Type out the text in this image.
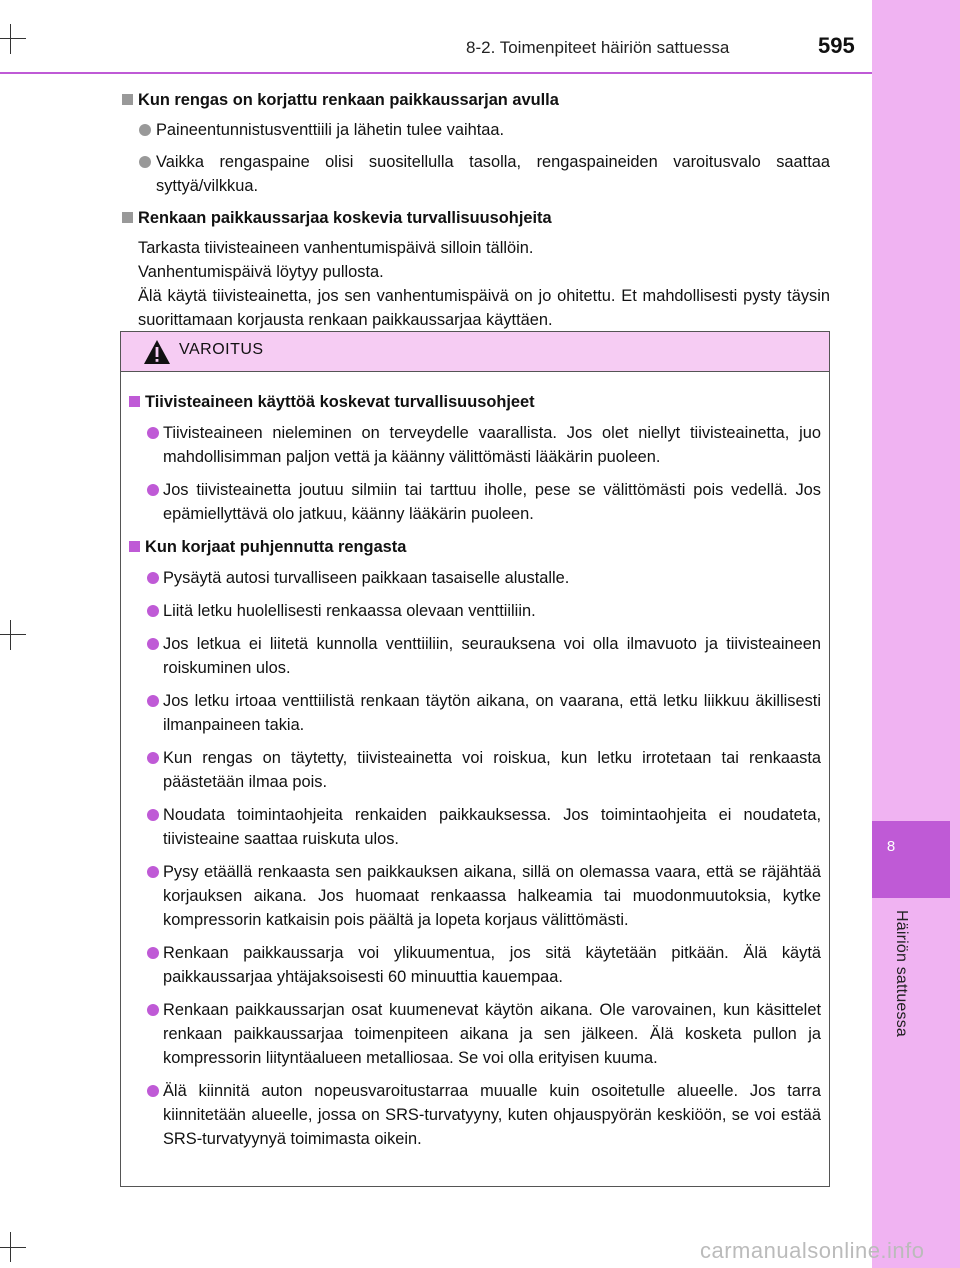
8
Häiriön sattuessa
8-2. Toimenpiteet häiriön sattuessa	595
Kun rengas on korjattu renkaan paikkaussarjan avulla
Paineentunnistusventtiili ja lähetin tulee vaihtaa.
Vaikka rengaspaine olisi suositellulla tasolla, rengaspaineiden varoitusvalo saattaa syttyä/vilkkua.
Renkaan paikkaussarjaa koskevia turvallisuusohjeita
Tarkasta tiivisteaineen vanhentumispäivä silloin tällöin.
Vanhentumispäivä löytyy pullosta.
Älä käytä tiivisteainetta, jos sen vanhentumispäivä on jo ohitettu. Et mahdollisesti pysty täysin suorittamaan korjausta renkaan paikkaussarjaa käyttäen.
VAROITUS
Tiivisteaineen käyttöä koskevat turvallisuusohjeet
Tiivisteaineen nieleminen on terveydelle vaarallista. Jos olet niellyt tiivisteainetta, juo mahdollisimman paljon vettä ja käänny välittömästi lääkärin puoleen.
Jos tiivisteainetta joutuu silmiin tai tarttuu iholle, pese se välittömästi pois vedellä. Jos epämiellyttävä olo jatkuu, käänny lääkärin puoleen.
Kun korjaat puhjennutta rengasta
Pysäytä autosi turvalliseen paikkaan tasaiselle alustalle.
Liitä letku huolellisesti renkaassa olevaan venttiiliin.
Jos letkua ei liitetä kunnolla venttiiliin, seurauksena voi olla ilmavuoto ja tiivisteaineen roiskuminen ulos.
Jos letku irtoaa venttiilistä renkaan täytön aikana, on vaarana, että letku liikkuu äkillisesti ilmanpaineen takia.
Kun rengas on täytetty, tiivisteainetta voi roiskua, kun letku irrotetaan tai renkaasta päästetään ilmaa pois.
Noudata toimintaohjeita renkaiden paikkauksessa. Jos toimintaohjeita ei noudateta, tiivisteaine saattaa ruiskuta ulos.
Pysy etäällä renkaasta sen paikkauksen aikana, sillä on olemassa vaara, että se räjähtää korjauksen aikana. Jos huomaat renkaassa halkeamia tai muodonmuutoksia, kytke kompressorin katkaisin pois päältä ja lopeta korjaus välittömästi.
Renkaan paikkaussarja voi ylikuumentua, jos sitä käytetään pitkään. Älä käytä paikkaussarjaa yhtäjaksoisesti 60 minuuttia kauempaa.
Renkaan paikkaussarjan osat kuumenevat käytön aikana. Ole varovainen, kun käsittelet renkaan paikkaussarjaa toimenpiteen aikana ja sen jälkeen. Älä kosketa pullon ja kompressorin liityntäalueen metalliosaa. Se voi olla erityisen kuuma.
Älä kiinnitä auton nopeusvaroitustarraa muualle kuin osoitetulle alueelle. Jos tarra kiinnitetään alueelle, jossa on SRS-turvatyyny, kuten ohjauspyörän keskiöön, se voi estää SRS-turvatyynyä toimimasta oikein.
carmanualsonline.info
